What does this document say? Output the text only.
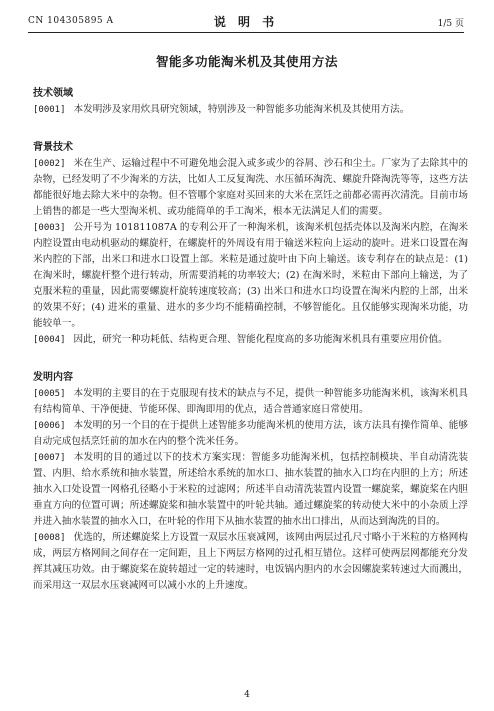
CN 104305895 A	说 明 书	1/5 页
智能多功能淘米机及其使用方法

技术领域

[0001] 本发明涉及家用炊具研究领域，特别涉及一种智能多功能淘米机及其使用方法。

背景技术

[0002] 米在生产、运输过程中不可避免地会混入或多或少的谷屑、沙石和尘土。厂家为了去除其中的杂物，已经发明了不少淘米的方法，比如人工反复淘洗、水压循环淘洗、螺旋升降淘洗等等，这些方法都能很好地去除大米中的杂物。但不管哪个家庭对买回来的大米在烹饪之前都必需再次清洗。目前市场上销售的都是一些大型淘米机、或功能简单的手工淘米，根本无法满足人们的需要。

[0003] 公开号为 101811087A 的专利公开了一种淘米机，该淘米机包括壳体以及淘米内腔，在淘米内腔设置由电动机驱动的螺旋杆，在螺旋杆的外周设有用于输送米粒向上运动的旋叶。进米口设置在淘米内腔的下部，出米口和进水口设置上部。米粒是通过旋叶由下向上输送。该专利存在的缺点是：(1) 在淘米时，螺旋杆整个进行转动，所需要消耗的功率较大；(2) 在淘米时，米粒由下部向上输送，为了克服米粒的重量，因此需要螺旋杆旋转速度较高；(3) 出米口和进水口均设置在淘米内腔的上部，出米的效果不好；(4) 进米的重量、进水的多少均不能精确控制，不够智能化。且仅能够实现淘米功能，功能较单一。

[0004] 因此，研究一种功耗低、结构更合理、智能化程度高的多功能淘米机具有重要应用价值。

发明内容

[0005] 本发明的主要目的在于克服现有技术的缺点与不足，提供一种智能多功能淘米机，该淘米机具有结构简单、干净便捷、节能环保、即淘即用的优点，适合普通家庭日常使用。

[0006] 本发明的另一个目的在于提供上述智能多功能淘米机的使用方法，该方法具有操作简单、能够自动完成包括烹饪前的加水在内的整个洗米任务。

[0007] 本发明的目的通过以下的技术方案实现：智能多功能淘米机，包括控制模块、半自动清洗装置、内胆、给水系统和抽水装置，所述给水系统的加水口、抽水装置的抽水入口均在内胆的上方；所述抽水入口处设置一网格孔径略小于米粒的过滤网；所述半自动清洗装置内设置一螺旋桨，螺旋桨在内胆垂直方向的位置可调；所述螺旋桨和抽水装置中的叶轮共轴。通过螺旋桨的转动使大米中的小杂质上浮并进入抽水装置的抽水入口，在叶轮的作用下从抽水装置的抽水出口排出，从而达到淘洗的目的。

[0008] 优选的，所述螺旋桨上方设置一双层水压衰减网，该网由两层过孔尺寸略小于米粒的方格网构成，两层方格网间之间存在一定间距，且上下两层方格网的过孔相互错位。这样可使两层网都能充分发挥其减压功效。由于螺旋桨在旋转超过一定的转速时，电饭锅内胆内的水会因螺旋桨转速过大而溅出，而采用这一双层水压衰减网可以减小水的上升速度。

4
